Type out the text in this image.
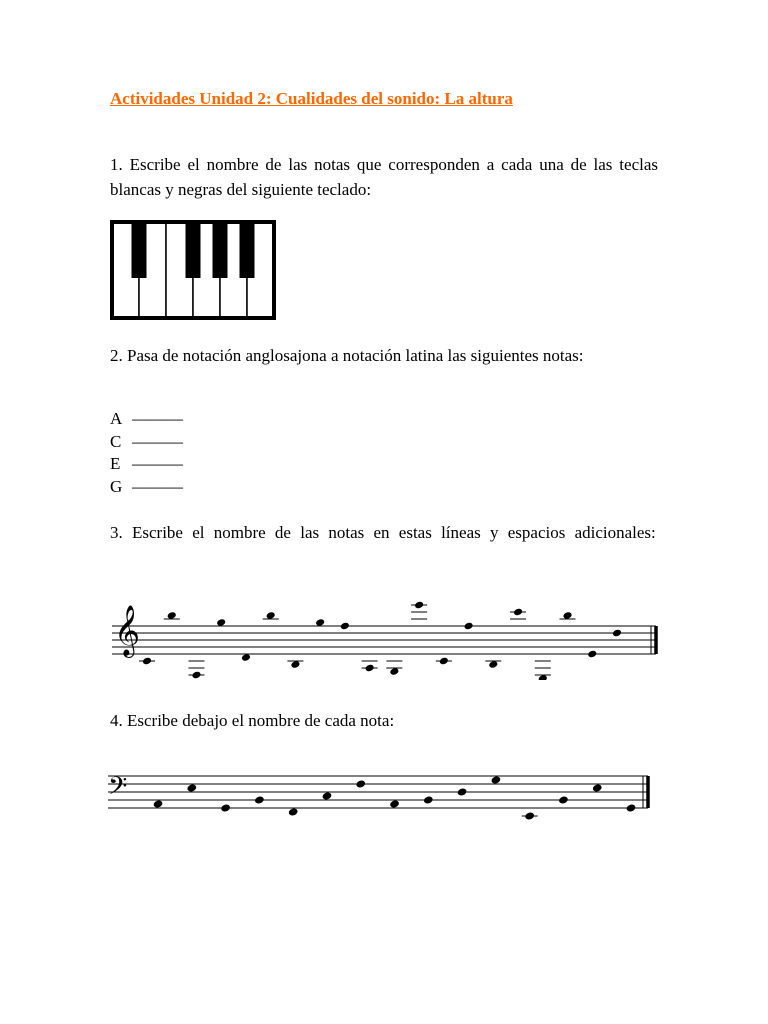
Actividades Unidad 2: Cualidades del sonido: La altura

1. Escribe el nombre de las notas que corresponden a cada una de las teclas blancas y negras del siguiente teclado:

2. Pasa de notación anglosajona a notación latina las siguientes notas:

A ———
C ———
E ———
G ———

3. Escribe el nombre de las notas en estas líneas y espacios adicionales:

𝄞

4. Escribe debajo el nombre de cada nota:

𝄢
